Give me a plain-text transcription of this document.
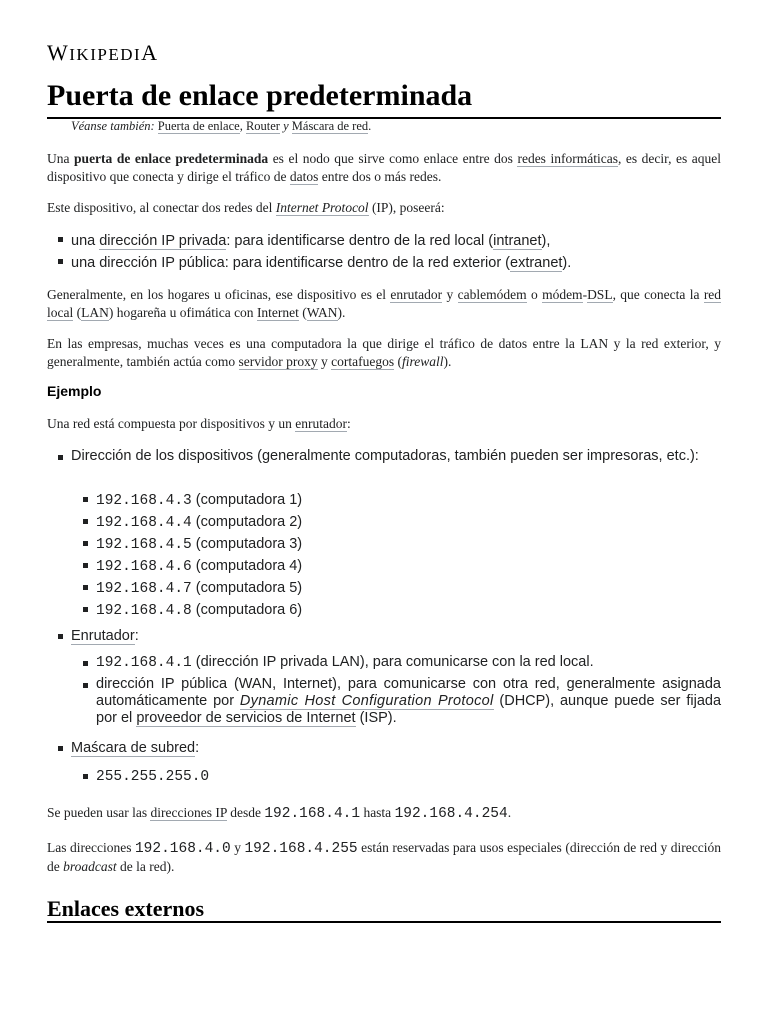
WIKIPEDIA
Puerta de enlace predeterminada
Véanse también: Puerta de enlace, Router y Máscara de red.

Una puerta de enlace predeterminada es el nodo que sirve como enlace entre dos redes informáticas, es decir, es aquel dispositivo que conecta y dirige el tráfico de datos entre dos o más redes.

Este dispositivo, al conectar dos redes del Internet Protocol (IP), poseerá:

una dirección IP privada: para identificarse dentro de la red local (intranet),
una dirección IP pública: para identificarse dentro de la red exterior (extranet).

Generalmente, en los hogares u oficinas, ese dispositivo es el enrutador y cablemódem o módem-DSL, que conecta la red local (LAN) hogareña u ofimática con Internet (WAN).

En las empresas, muchas veces es una computadora la que dirige el tráfico de datos entre la LAN y la red exterior, y generalmente, también actúa como servidor proxy y cortafuegos (firewall).

Ejemplo

Una red está compuesta por dispositivos y un enrutador:

Dirección de los dispositivos (generalmente computadoras, también pueden ser impresoras, etc.):
192.168.4.3 (computadora 1)
192.168.4.4 (computadora 2)
192.168.4.5 (computadora 3)
192.168.4.6 (computadora 4)
192.168.4.7 (computadora 5)
192.168.4.8 (computadora 6)
Enrutador:
192.168.4.1 (dirección IP privada LAN), para comunicarse con la red local.
dirección IP pública (WAN, Internet), para comunicarse con otra red, generalmente asignada automáticamente por Dynamic Host Configuration Protocol (DHCP), aunque puede ser fijada por el proveedor de servicios de Internet (ISP).
Maścara de subred:
255.255.255.0

Se pueden usar las direcciones IP desde 192.168.4.1 hasta 192.168.4.254.

Las direcciones 192.168.4.0 y 192.168.4.255 están reservadas para usos especiales (dirección de red y dirección de broadcast de la red).

Enlaces externos
